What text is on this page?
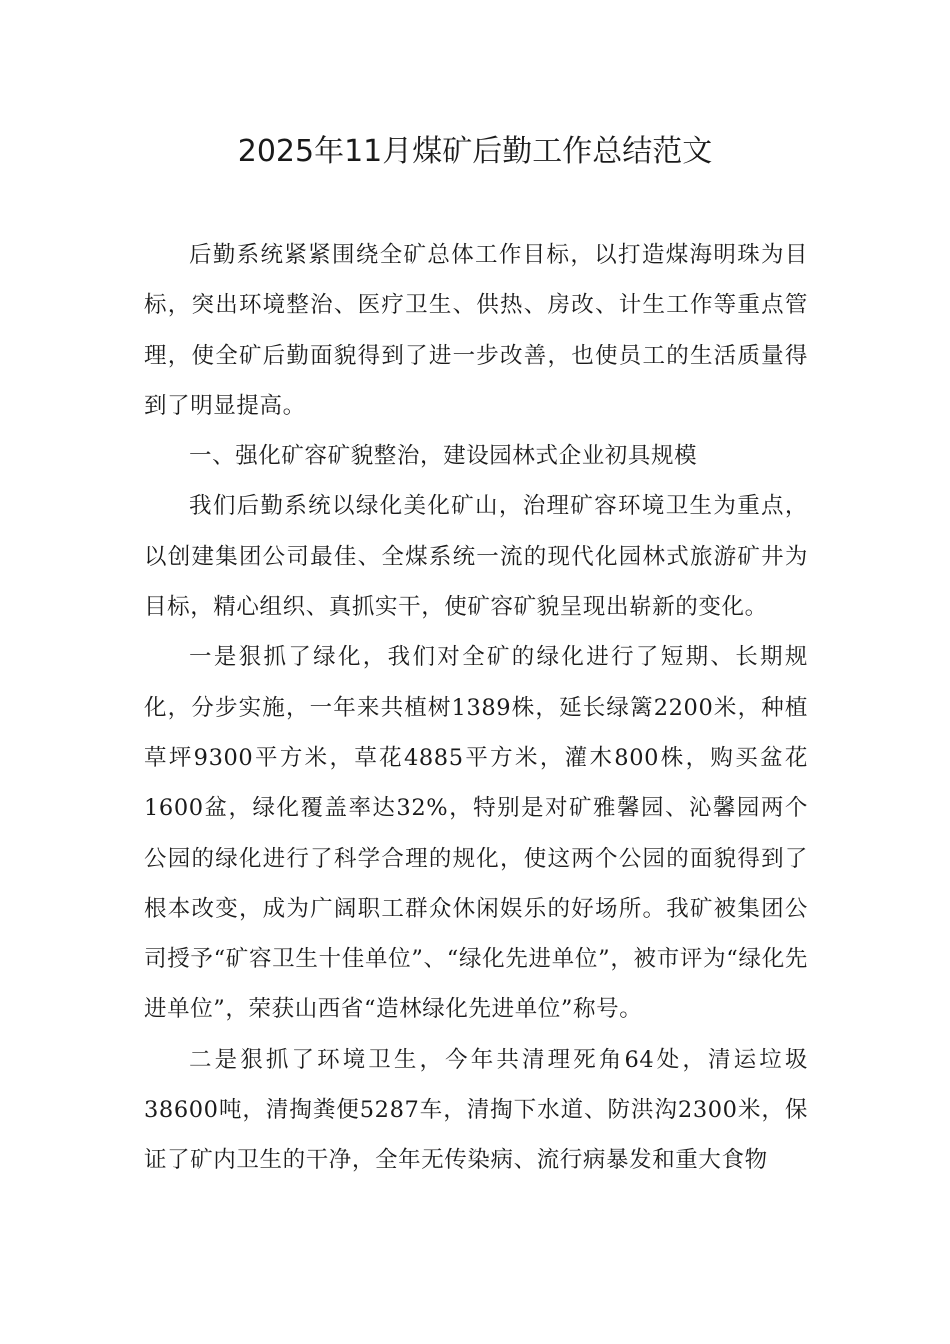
2025年11月煤矿后勤工作总结范文

后勤系统紧紧围绕全矿总体工作目标，以打造煤海明珠为目标，突出环境整治、医疗卫生、供热、房改、计生工作等重点管理，使全矿后勤面貌得到了进一步改善，也使员工的生活质量得到了明显提高。

一、强化矿容矿貌整治，建设园林式企业初具规模

我们后勤系统以绿化美化矿山，治理矿容环境卫生为重点，以创建集团公司最佳、全煤系统一流的现代化园林式旅游矿井为目标，精心组织、真抓实干，使矿容矿貌呈现出崭新的变化。

一是狠抓了绿化，我们对全矿的绿化进行了短期、长期规化，分步实施，一年来共植树1389株，延长绿篱2200米，种植草坪9300平方米，草花4885平方米，灌木800株，购买盆花1600盆，绿化覆盖率达32%，特别是对矿雅馨园、沁馨园两个公园的绿化进行了科学合理的规化，使这两个公园的面貌得到了根本改变，成为广阔职工群众休闲娱乐的好场所。我矿被集团公司授予“矿容卫生十佳单位”、“绿化先进单位”，被市评为“绿化先进单位”，荣获山西省“造林绿化先进单位”称号。

二是狠抓了环境卫生，今年共清理死角64处，清运垃圾38600吨，清掏粪便5287车，清掏下水道、防洪沟2300米，保证了矿内卫生的干净，全年无传染病、流行病暴发和重大食物
